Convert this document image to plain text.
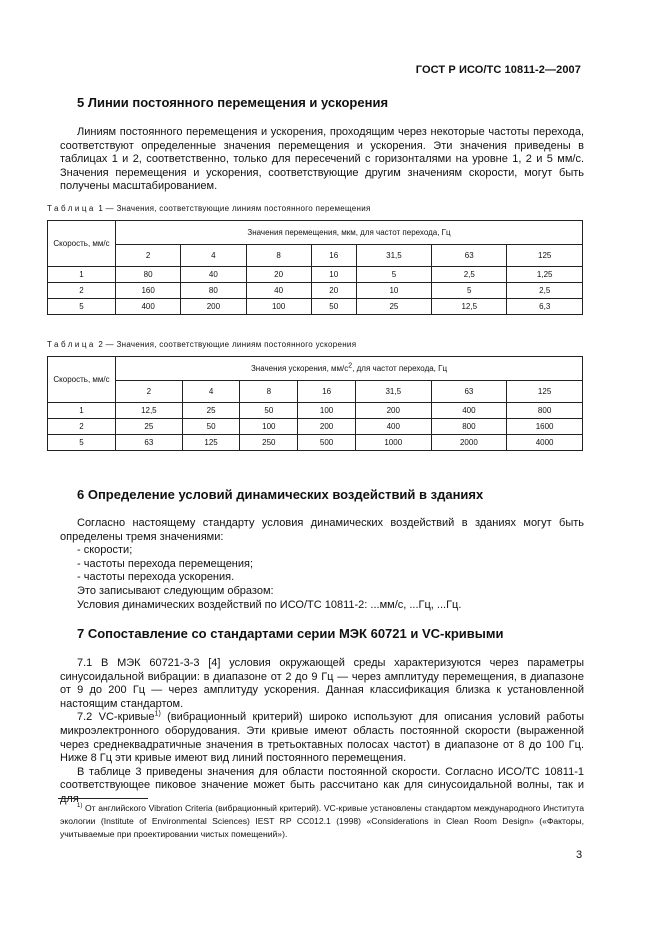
ГОСТ Р ИСО/ТС 10811-2—2007
5 Линии постоянного перемещения и ускорения

Линиям постоянного перемещения и ускорения, проходящим через некоторые частоты перехода, соответствуют определенные значения перемещения и ускорения. Эти значения приведены в таблицах 1 и 2, соответственно, только для пересечений с горизонталями на уровне 1, 2 и 5 мм/с. Значения перемещения и ускорения, соответствующие другим значениям скорости, могут быть получены масштабированием.

Таблица 1 — Значения, соответствующие линиям постоянного перемещения
Скорость, мм/с	Значения перемещения, мкм, для частот перехода, Гц						
	2	4	8	16	31,5	63	125
1	80	40	20	10	5	2,5	1,25
2	160	80	40	20	10	5	2,5
5	400	200	100	50	25	12,5	6,3
Таблица 2 — Значения, соответствующие линиям постоянного ускорения
Скорость, мм/с	Значения ускорения, $мм/с^2$, для частот перехода, Гц						
	2	4	8	16	31,5	63	125
1	12,5	25	50	100	200	400	800
2	25	50	100	200	400	800	1600
5	63	125	250	500	1000	2000	4000
6 Определение условий динамических воздействий в зданиях

Согласно настоящему стандарту условия динамических воздействий в зданиях могут быть определены тремя значениями:

- скорости;

- частоты перехода перемещения;

- частоты перехода ускорения.

Это записывают следующим образом:

Условия динамических воздействий по ИСО/ТС 10811-2: ...мм/с, ...Гц, ...Гц.

7 Сопоставление со стандартами серии МЭК 60721 и VC-кривыми

7.1 В МЭК 60721-3-3 [4] условия окружающей среды характеризуются через параметры синусоидальной вибрации: в диапазоне от 2 до 9 Гц — через амплитуду перемещения, в диапазоне от 9 до 200 Гц — через амплитуду ускорения. Данная классификация близка к установленной настоящим стандартом.

7.2 VC-кривые$^{1)}$ (вибрационный критерий) широко используют для описания условий работы микроэлектронного оборудования. Эти кривые имеют область постоянной скорости (выраженной через среднеквадратичные значения в третьоктавных полосах частот) в диапазоне от 8 до 100 Гц. Ниже 8 Гц эти кривые имеют вид линий постоянного перемещения.

В таблице 3 приведены значения для области постоянной скорости. Согласно ИСО/ТС 10811-1 соответствующее пиковое значение может быть рассчитано как для синусоидальной волны, так и для

$^{1)}$ От английского Vibration Criteria (вибрационный критерий). VC-кривые установлены стандартом международного Института экологии (Institute of Environmental Sciences) IEST RP CC012.1 (1998) «Considerations in Clean Room Design» («Факторы, учитываемые при проектировании чистых помещений»).
3
